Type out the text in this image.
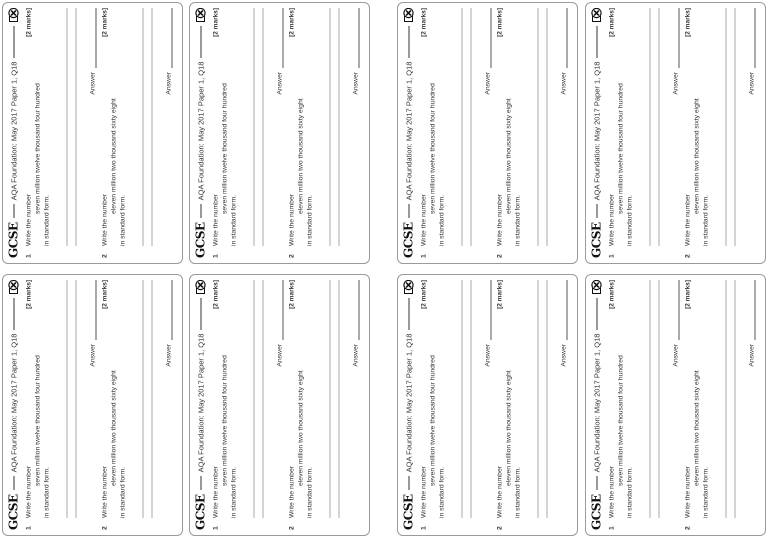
GCSE
AQA Foundation: May 2017 Paper 1, Q18
1
Write the number
seven million twelve thousand four hundred
in standard form.
[2 marks]
Answer
2
Write the number
eleven million two thousand sixty eight
in standard form.
[2 marks]
Answer
GCSE
AQA Foundation: May 2017 Paper 1, Q18
1
Write the number
seven million twelve thousand four hundred
in standard form.
[2 marks]
Answer
2
Write the number
eleven million two thousand sixty eight
in standard form.
[2 marks]
Answer
GCSE
AQA Foundation: May 2017 Paper 1, Q18
1
Write the number
seven million twelve thousand four hundred
in standard form.
[2 marks]
Answer
2
Write the number
eleven million two thousand sixty eight
in standard form.
[2 marks]
Answer
GCSE
AQA Foundation: May 2017 Paper 1, Q18
1
Write the number
seven million twelve thousand four hundred
in standard form.
[2 marks]
Answer
2
Write the number
eleven million two thousand sixty eight
in standard form.
[2 marks]
Answer
GCSE
AQA Foundation: May 2017 Paper 1, Q18
1
Write the number
seven million twelve thousand four hundred
in standard form.
[2 marks]
Answer
2
Write the number
eleven million two thousand sixty eight
in standard form.
[2 marks]
Answer
GCSE
AQA Foundation: May 2017 Paper 1, Q18
1
Write the number
seven million twelve thousand four hundred
in standard form.
[2 marks]
Answer
2
Write the number
eleven million two thousand sixty eight
in standard form.
[2 marks]
Answer
GCSE
AQA Foundation: May 2017 Paper 1, Q18
1
Write the number
seven million twelve thousand four hundred
in standard form.
[2 marks]
Answer
2
Write the number
eleven million two thousand sixty eight
in standard form.
[2 marks]
Answer
GCSE
AQA Foundation: May 2017 Paper 1, Q18
1
Write the number
seven million twelve thousand four hundred
in standard form.
[2 marks]
Answer
2
Write the number
eleven million two thousand sixty eight
in standard form.
[2 marks]
Answer
